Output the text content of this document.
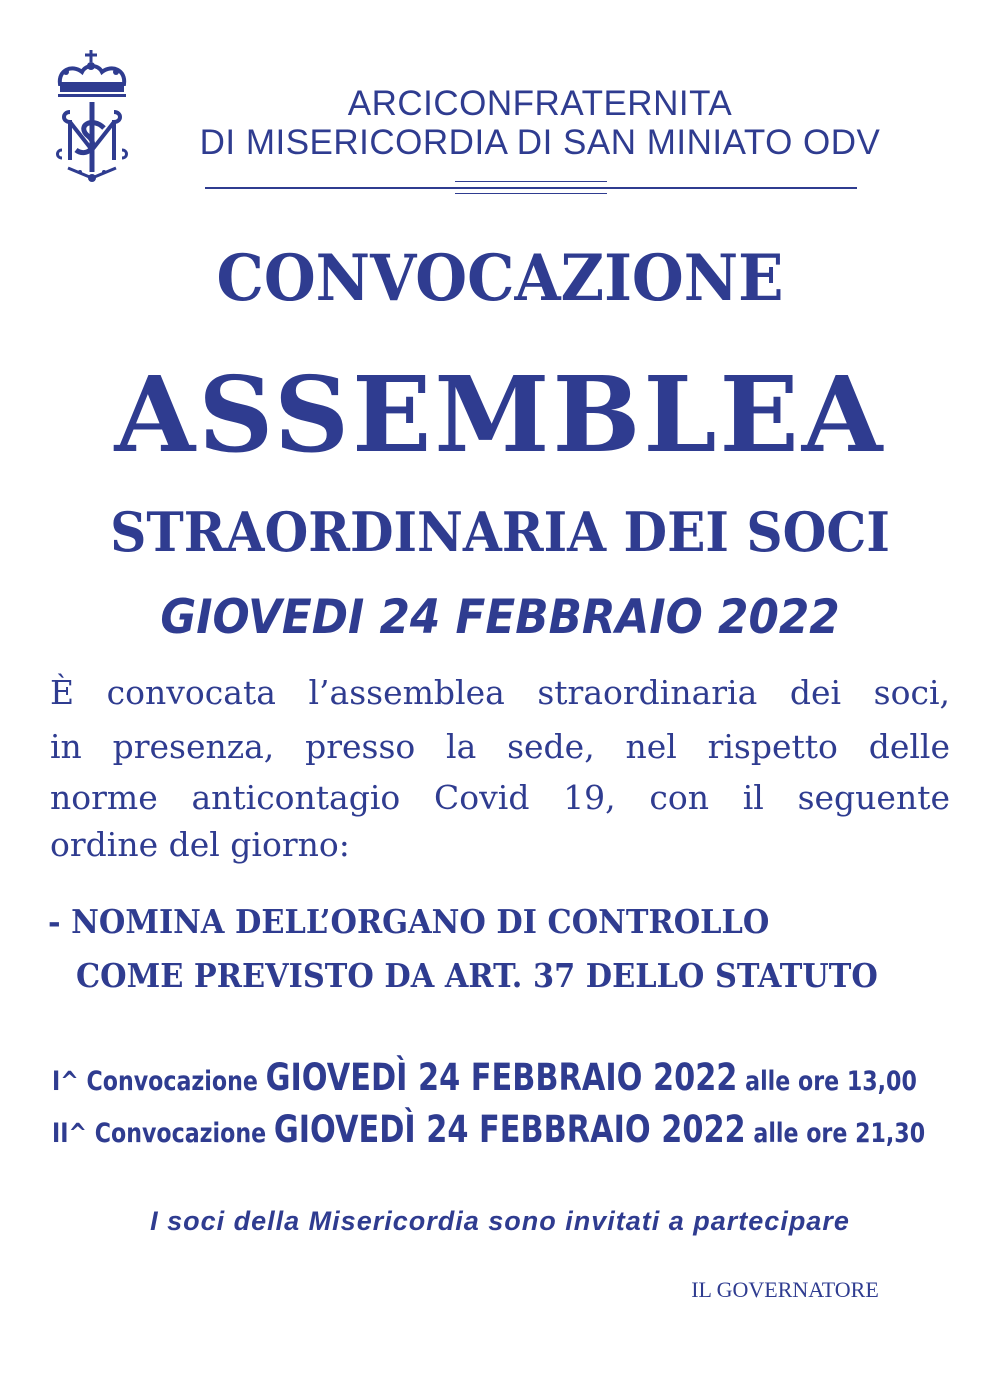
ARCICONFRATERNITA
DI MISERICORDIA DI SAN MINIATO ODV
CONVOCAZIONE
ASSEMBLEA
STRAORDINARIA DEI SOCI
GIOVEDI 24 FEBBRAIO 2022
È convocata l’assemblea straordinaria dei soci,
in presenza, presso la sede, nel rispetto delle
norme anticontagio Covid 19, con il seguente
ordine del giorno:
- NOMINA DELL’ORGANO DI CONTROLLO
COME PREVISTO DA ART. 37 DELLO STATUTO
I^ Convocazione GIOVEDÌ 24 FEBBRAIO 2022 alle ore 13,00
II^ Convocazione GIOVEDÌ 24 FEBBRAIO 2022 alle ore 21,30
I soci della Misericordia sono invitati a partecipare
IL GOVERNATORE
